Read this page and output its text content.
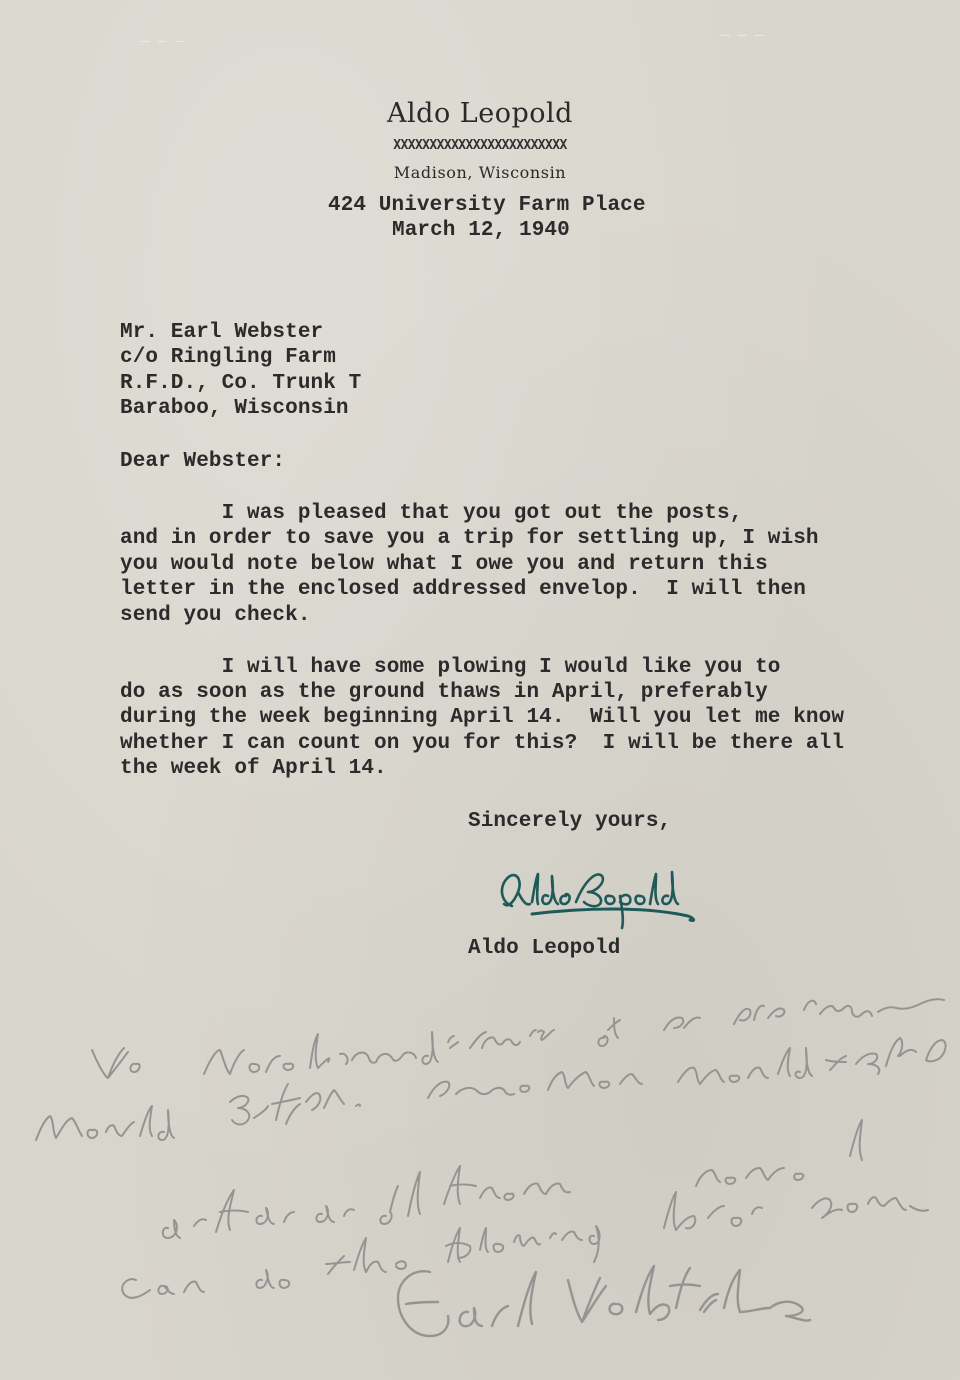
— — —
— — —
Aldo Leopold
XXXXXXXXXXXXXXXXXXXXXXXX
Madison, Wisconsin
424 University Farm Place
March 12, 1940
Mr. Earl Webster
c/o Ringling Farm
R.F.D., Co. Trunk T
Baraboo, Wisconsin
Dear Webster:
I was pleased that you got out the posts,
and in order to save you a trip for settling up, I wish
you would note below what I owe you and return this
letter in the enclosed addressed envelop.  I will then
send you check.
I will have some plowing I would like you to
do as soon as the ground thaws in April, preferably
during the week beginning April 14.  Will you let me know
whether I can count on you for this?  I will be there all
the week of April 14.
Sincerely yours,
Aldo Leopold
